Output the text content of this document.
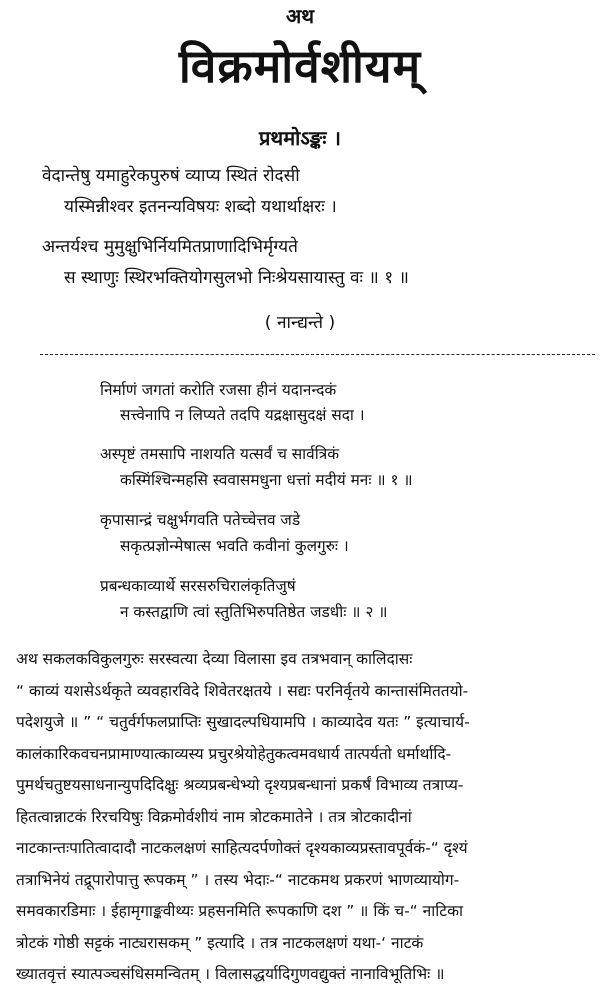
अथ
विक्रमोर्वशीयम्
प्रथमोऽङ्कः ।
वेदान्तेषु यमाहुरेकपुरुषं व्याप्य स्थितं रोदसी
यस्मिन्नीश्वर इतनन्यविषयः शब्दो यथार्थाक्षरः ।
अन्तर्यश्च मुमुक्षुभिर्नियमितप्राणादिभिर्मृग्यते
स स्थाणुः स्थिरभक्तियोगसुलभो निःश्रेयसायास्तु वः ॥ १ ॥
( नान्द्यन्ते )
निर्माणं जगतां करोति रजसा हीनं यदानन्दकं
सत्त्वेनापि न लिप्यते तदपि यद्रक्षासुदक्षं सदा ।
अस्पृष्टं तमसापि नाशयति यत्सर्वं च सार्वत्रिकं
कस्मिंश्चिन्महसि स्ववासमधुना धत्तां मदीयं मनः ॥ १ ॥
कृपासान्द्रं चक्षुर्भगवति पतेच्चेत्तव जडे
सकृत्प्रज्ञोन्मेषात्स भवति कवीनां कुलगुरुः ।
प्रबन्धकाव्यार्थे सरसरुचिरालंकृतिजुषं
न कस्तद्वाणि त्वां स्तुतिभिरुपतिष्ठेत जडधीः ॥ २ ॥
अथ सकलकविकुलगुरुः सरस्वत्या देव्या विलासा इव तत्रभवान् कालिदासः
“ काव्यं यशसेऽर्थकृते व्यवहारविदे शिवेतरक्षतये । सद्यः परनिर्वृतये कान्तासंमिततयो-
पदेशयुजे ॥ ” “ चतुर्वर्गफलप्राप्तिः सुखादल्पधियामपि । काव्यादेव यतः ” इत्याचार्य-
कालंकारिकवचनप्रामाण्यात्काव्यस्य प्रचुरश्रेयोहेतुकत्वमवधार्य तात्पर्यतो धर्मार्थादि-
पुमर्थचतुष्टयसाधनान्युपदिदिक्षुः श्रव्यप्रबन्धेभ्यो दृश्यप्रबन्धानां प्रकर्षं विभाव्य तत्राप्य-
हितत्वान्नाटकं रिरचयिषुः विक्रमोर्वशीयं नाम त्रोटकमातेने । तत्र त्रोटकादीनां
नाटकान्तःपातित्वादादौ नाटकलक्षणं साहित्यदर्पणोक्तं दृश्यकाव्यप्रस्तावपूर्वकं-“ दृश्यं
तत्राभिनेयं तद्रूपारोपात्तु रूपकम् ” । तस्य भेदाः-“ नाटकमथ प्रकरणं भाणव्यायोग-
समवकारडिमाः । ईहामृगाङ्कवीथ्यः प्रहसनमिति रूपकाणि दश ” ॥ किं च-“ नाटिका
त्रोटकं गोष्ठी सट्टकं नाट्यरासकम् ” इत्यादि । तत्र नाटकलक्षणं यथा-‘ नाटकं
ख्यातवृत्तं स्यात्पञ्चसंधिसमन्वितम् । विलासद्धर्यादिगुणवद्युक्तं नानाविभूतिभिः ॥
